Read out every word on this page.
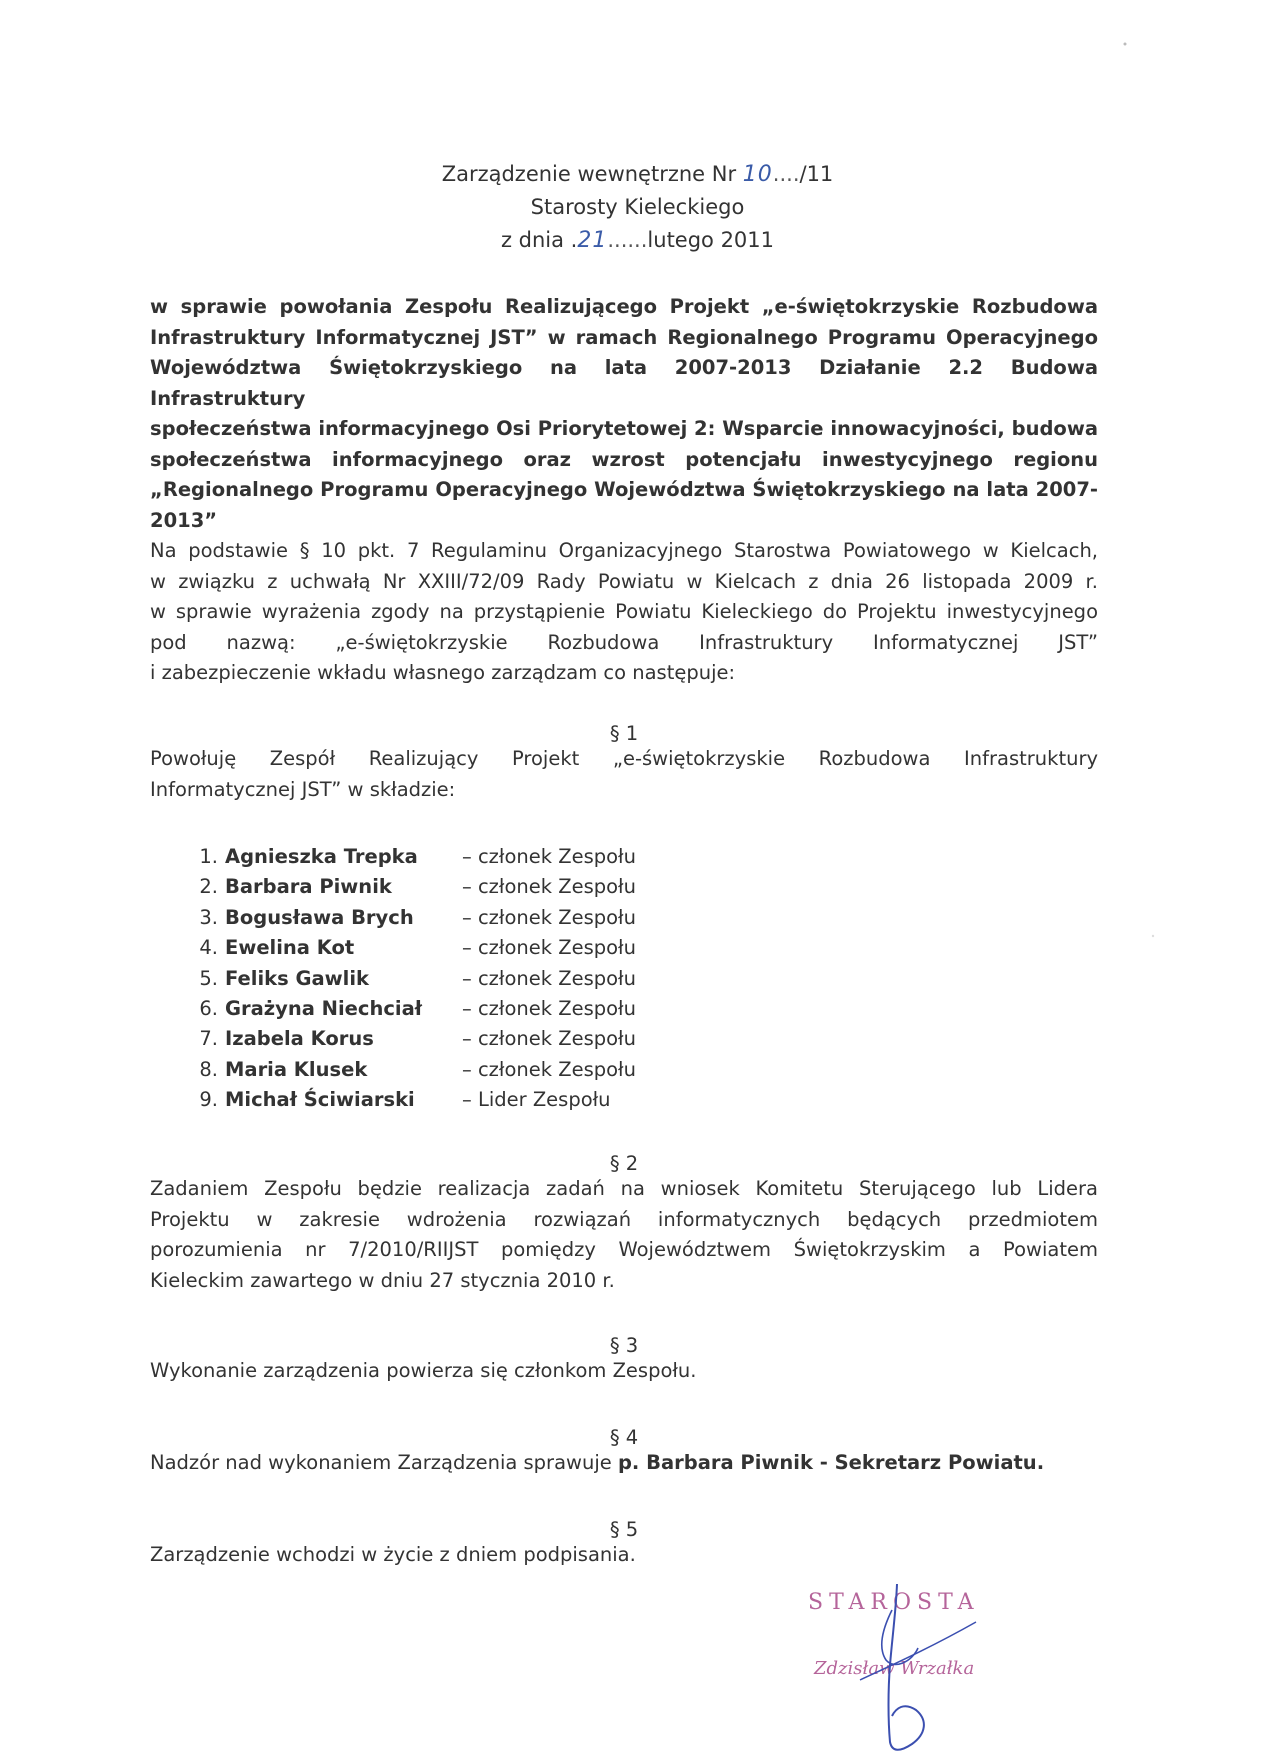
Zarządzenie wewnętrzne Nr 10..../11
Starosty Kieleckiego
z dnia .21......lutego 2011
w sprawie powołania Zespołu Realizującego Projekt „e-świętokrzyskie Rozbudowa
Infrastruktury Informatycznej JST” w ramach Regionalnego Programu Operacyjnego
Województwa Świętokrzyskiego na lata 2007-2013 Działanie 2.2 Budowa Infrastruktury
społeczeństwa informacyjnego Osi Priorytetowej 2: Wsparcie innowacyjności, budowa
społeczeństwa informacyjnego oraz wzrost potencjału inwestycyjnego regionu
„Regionalnego Programu Operacyjnego Województwa Świętokrzyskiego na lata 2007-
2013”
Na podstawie § 10 pkt. 7 Regulaminu Organizacyjnego Starostwa Powiatowego w Kielcach,
w związku z uchwałą Nr XXIII/72/09 Rady Powiatu w Kielcach z dnia 26 listopada 2009 r.
w sprawie wyrażenia zgody na przystąpienie Powiatu Kieleckiego do Projektu inwestycyjnego
pod nazwą: „e-świętokrzyskie Rozbudowa Infrastruktury Informatycznej JST”
i zabezpieczenie wkładu własnego zarządzam co następuje:
§ 1
Powołuję Zespół Realizujący Projekt „e-świętokrzyskie Rozbudowa Infrastruktury
Informatycznej JST” w składzie:
1. Agnieszka Trepka – członek Zespołu
2. Barbara Piwnik	– członek Zespołu
3. Bogusława Brych – członek Zespołu
4. Ewelina Kot	– członek Zespołu
5. Feliks Gawlik	– członek Zespołu
6. Grażyna Niechciał – członek Zespołu
7. Izabela Korus	– członek Zespołu
8. Maria Klusek	– członek Zespołu
9. Michał Ściwiarski – Lider Zespołu
§ 2
Zadaniem Zespołu będzie realizacja zadań na wniosek Komitetu Sterującego lub Lidera
Projektu w zakresie wdrożenia rozwiązań informatycznych będących przedmiotem
porozumienia nr 7/2010/RIIJST pomiędzy Województwem Świętokrzyskim a Powiatem
Kieleckim zawartego w dniu 27 stycznia 2010 r.
§ 3
Wykonanie zarządzenia powierza się członkom Zespołu.
§ 4
Nadzór nad wykonaniem Zarządzenia sprawuje p. Barbara Piwnik - Sekretarz Powiatu.
§ 5
Zarządzenie wchodzi w życie z dniem podpisania.
STAROSTA
Zdzisław Wrzałka
